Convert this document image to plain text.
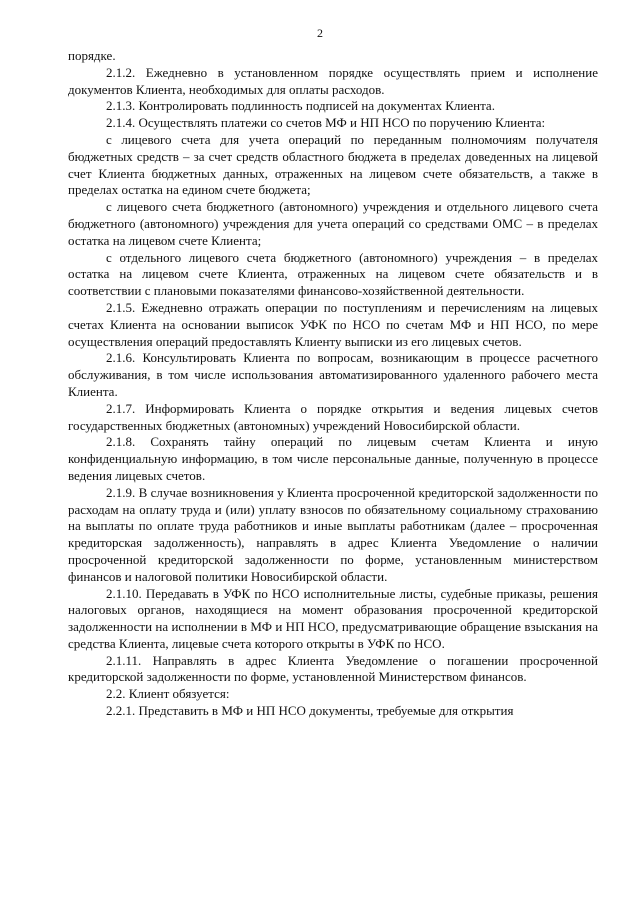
2

порядке.

2.1.2. Ежедневно в установленном порядке осуществлять прием и исполнение документов Клиента, необходимых для оплаты расходов.

2.1.3. Контролировать подлинность подписей на документах Клиента.

2.1.4. Осуществлять платежи со счетов МФ и НП НСО по поручению Клиента:

с лицевого счета для учета операций по переданным полномочиям получателя бюджетных средств – за счет средств областного бюджета в пределах доведенных на лицевой счет Клиента бюджетных данных, отраженных на лицевом счете обязательств, а также в пределах остатка на едином счете бюджета;

с лицевого счета бюджетного (автономного) учреждения и отдельного лицевого счета бюджетного (автономного) учреждения для учета операций со средствами ОМС – в пределах остатка на лицевом счете Клиента;

с отдельного лицевого счета бюджетного (автономного) учреждения – в пределах остатка на лицевом счете Клиента, отраженных на лицевом счете обязательств и в соответствии с плановыми показателями финансово-хозяйственной деятельности.

2.1.5. Ежедневно отражать операции по поступлениям и перечислениям на лицевых счетах Клиента на основании выписок УФК по НСО по счетам МФ и НП НСО, по мере осуществления операций предоставлять Клиенту выписки из его лицевых счетов.

2.1.6. Консультировать Клиента по вопросам, возникающим в процессе расчетного обслуживания, в том числе использования автоматизированного удаленного рабочего места Клиента.

2.1.7. Информировать Клиента о порядке открытия и ведения лицевых счетов государственных бюджетных (автономных) учреждений Новосибирской области.

2.1.8. Сохранять тайну операций по лицевым счетам Клиента и иную конфиденциальную информацию, в том числе персональные данные, полученную в процессе ведения лицевых счетов.

2.1.9. В случае возникновения у Клиента просроченной кредиторской задолженности по расходам на оплату труда и (или) уплату взносов по обязательному социальному страхованию на выплаты по оплате труда работников и иные выплаты работникам (далее – просроченная кредиторская задолженность), направлять в адрес Клиента Уведомление о наличии просроченной кредиторской задолженности по форме, установленным министерством финансов и налоговой политики Новосибирской области.

2.1.10. Передавать в УФК по НСО исполнительные листы, судебные приказы, решения налоговых органов, находящиеся на момент образования просроченной кредиторской задолженности на исполнении в МФ и НП НСО, предусматривающие обращение взыскания на средства Клиента, лицевые счета которого открыты в УФК по НСО.

2.1.11. Направлять в адрес Клиента Уведомление о погашении просроченной кредиторской задолженности по форме, установленной Министерством финансов.

2.2. Клиент обязуется:

2.2.1. Представить в МФ и НП НСО документы, требуемые для открытия
